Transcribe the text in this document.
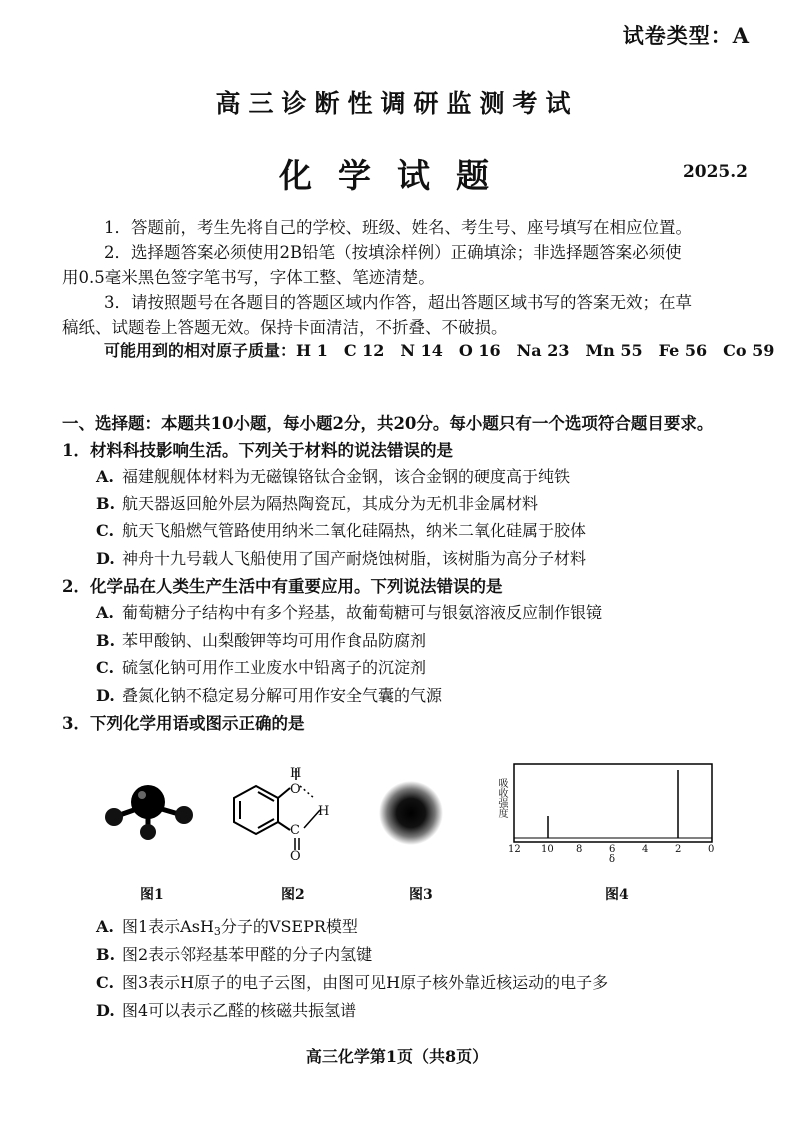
试卷类型：A
高三诊断性调研监测考试
化学试题	2025.2

1．答题前，考生先将自己的学校、班级、姓名、考生号、座号填写在相应位置。

2．选择题答案必须使用2B铅笔（按填涂样例）正确填涂；非选择题答案必须使

用0.5毫米黑色签字笔书写，字体工整、笔迹清楚。

3．请按照题号在各题目的答题区域内作答，超出答题区域书写的答案无效；在草

稿纸、试题卷上答题无效。保持卡面清洁，不折叠、不破损。

可能用到的相对原子质量：H 1　C 12　N 14　O 16　Na 23　Mn 55　Fe 56　Co 59
一、选择题：本题共10小题，每小题2分，共20分。每小题只有一个选项符合题目要求。
1．材料科技影响生活。下列关于材料的说法错误的是
A. 福建舰舰体材料为无磁镍铬钛合金钢，该合金钢的硬度高于纯铁
B. 航天器返回舱外层为隔热陶瓷瓦，其成分为无机非金属材料
C. 航天飞船燃气管路使用纳米二氧化硅隔热，纳米二氧化硅属于胶体
D. 神舟十九号载人飞船使用了国产耐烧蚀树脂，该树脂为高分子材料
2．化学品在人类生产生活中有重要应用。下列说法错误的是
A. 葡萄糖分子结构中有多个羟基，故葡萄糖可与银氨溶液反应制作银镜
B. 苯甲酸钠、山梨酸钾等均可用作食品防腐剂
C. 硫氢化钠可用作工业废水中铅离子的沉淀剂
D. 叠氮化钠不稳定易分解可用作安全气囊的气源
3．下列化学用语或图示正确的是
H
O
H
C
O
吸收强度
12 10 8	6	4	2	0
δ
图1	图2	图3	图4
A. 图1表示AsH$_3$分子的VSEPR模型
B. 图2表示邻羟基苯甲醛的分子内氢键
C. 图3表示H原子的电子云图，由图可见H原子核外靠近核运动的电子多
D. 图4可以表示乙醛的核磁共振氢谱
高三化学第1页（共8页）
